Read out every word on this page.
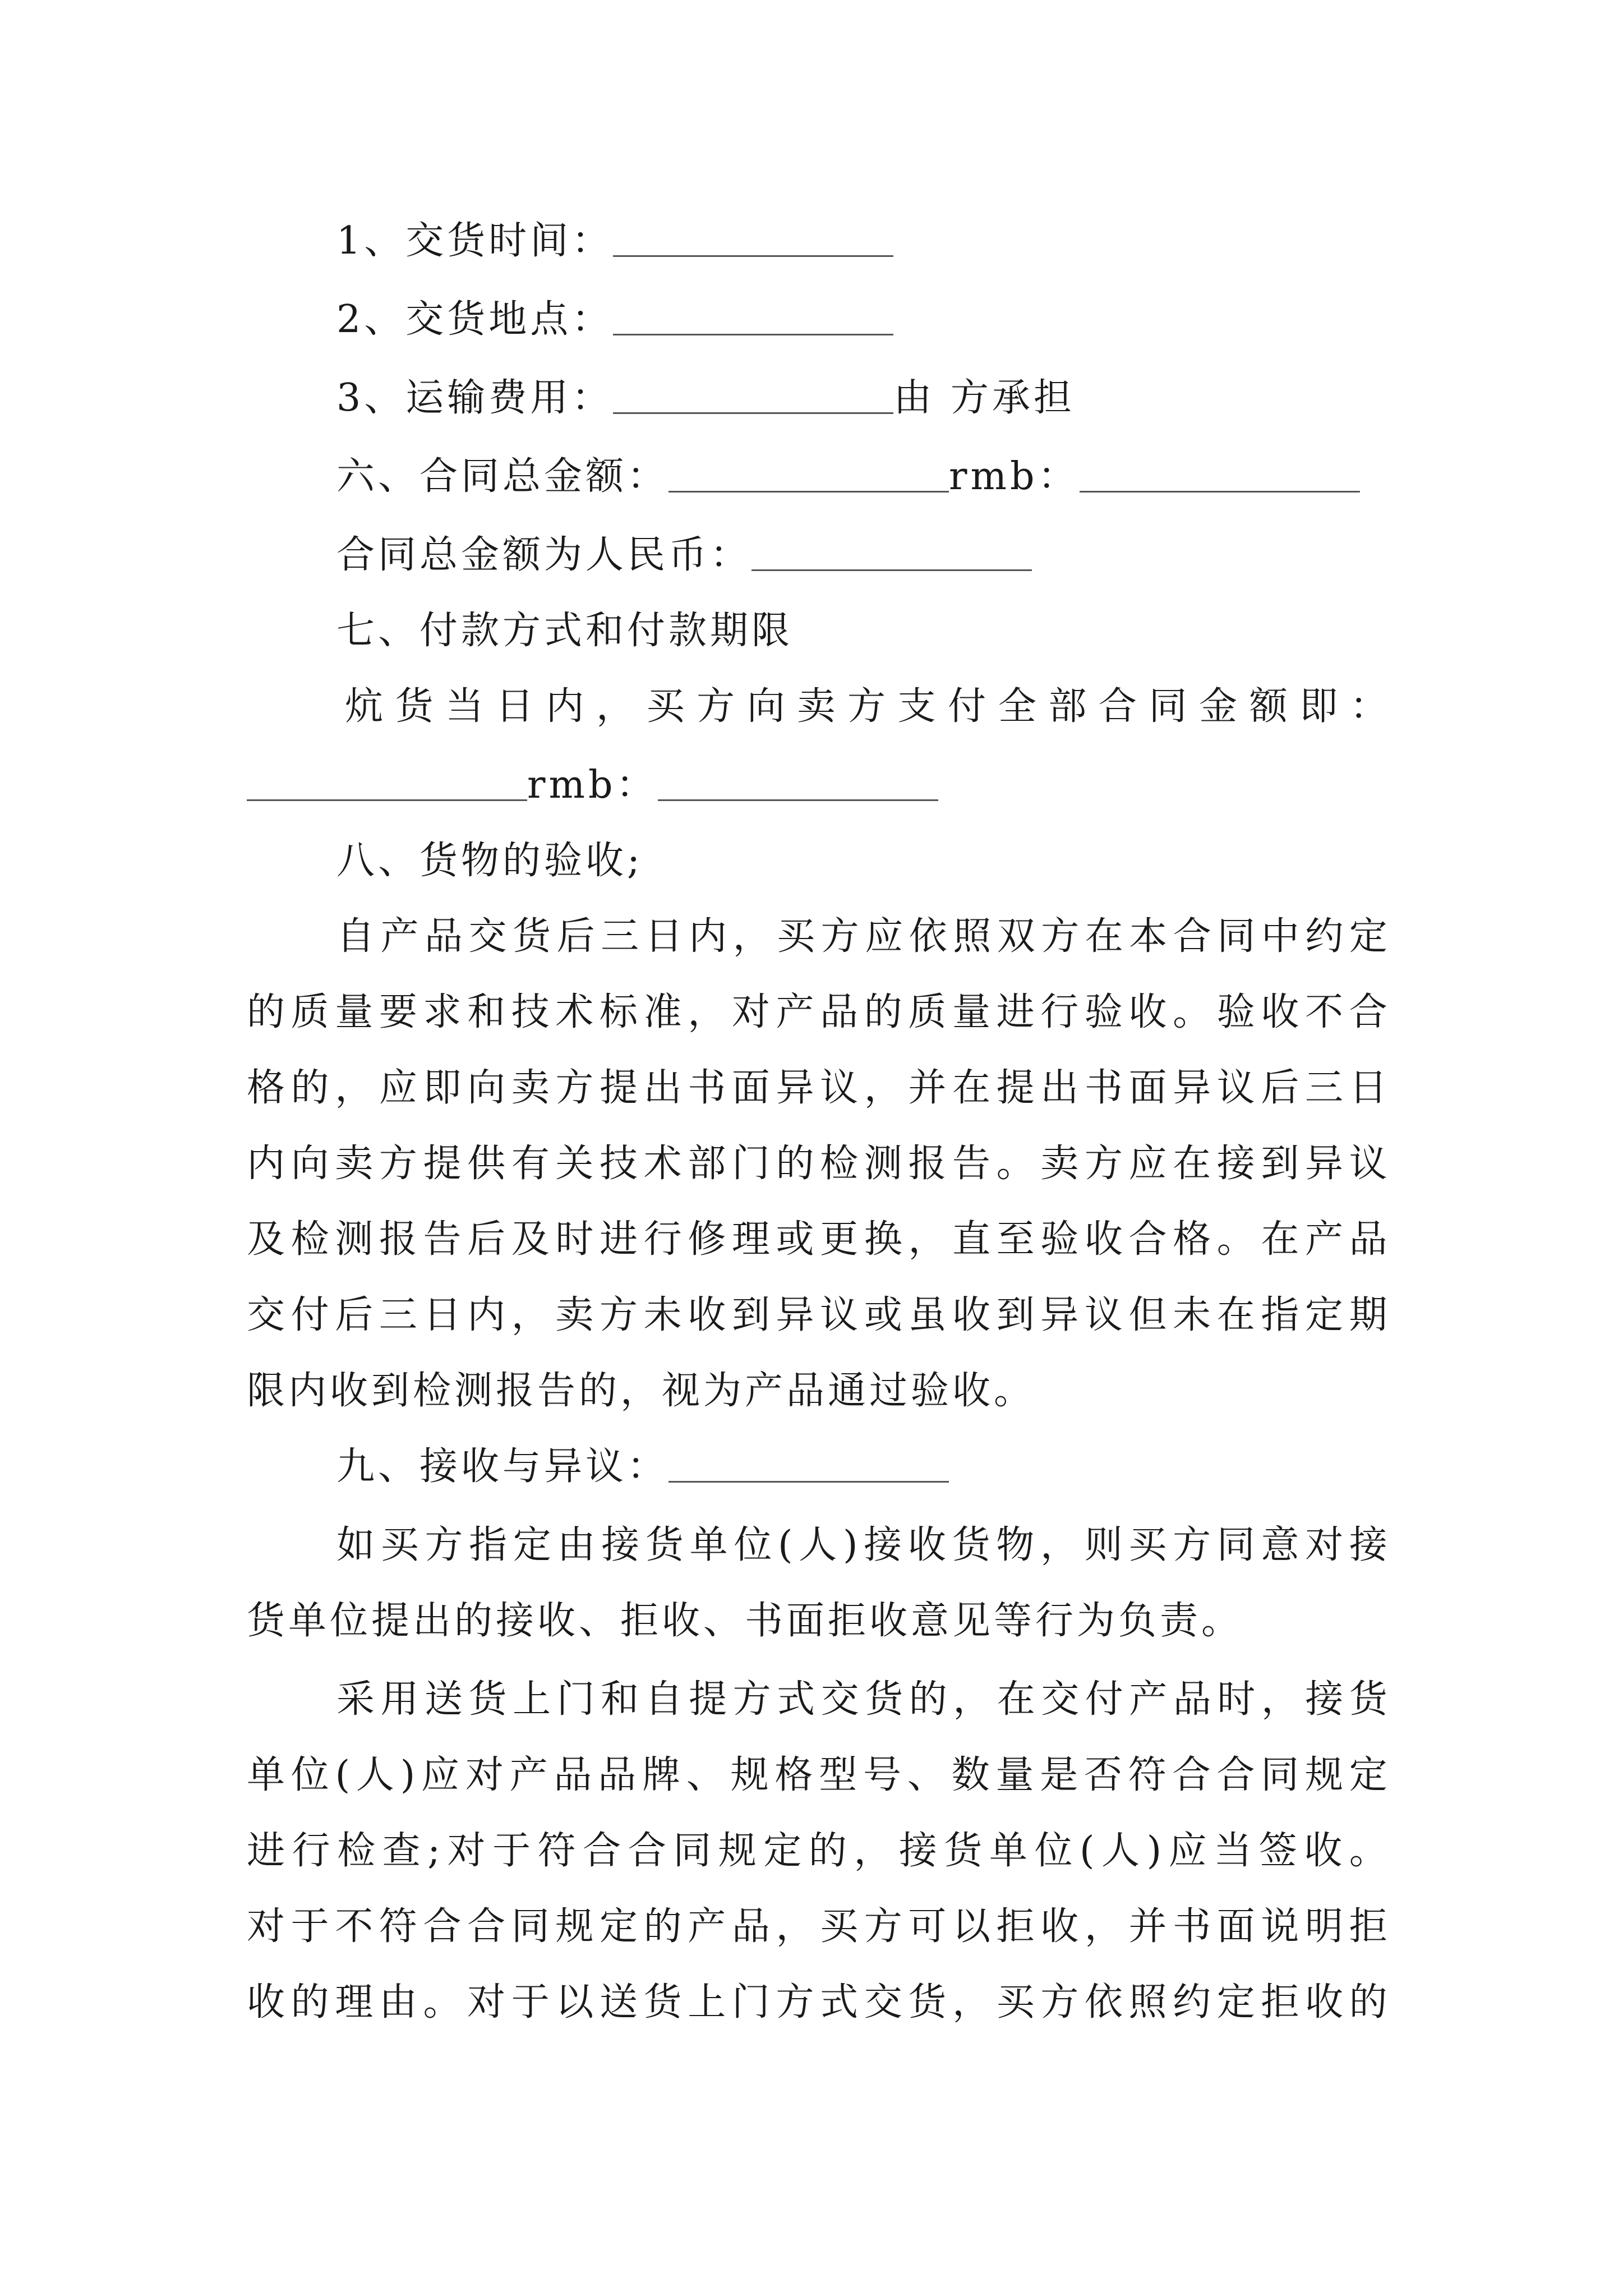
1、交货时间：
2、交货地点：
3、运输费用：	由 方承担
六、合同总金额：	rmb：
合同总金额为人民币：
七、付款方式和付款期限
炕 货 当 日 内 ， 买 方 向 卖 方 支 付 全 部 合 同 金 额 即 ：
rmb：
八、货物的验收;
自 产 品 交 货 后 三 日 内 ， 买 方 应 依 照 双 方 在 本 合 同 中 约 定
的 质 量 要 求 和 技 术 标 准 ， 对 产 品 的 质 量 进 行 验 收 。 验 收 不 合
格 的 ， 应 即 向 卖 方 提 出 书 面 异 议 ， 并 在 提 出 书 面 异 议 后 三 日
内 向 卖 方 提 供 有 关 技 术 部 门 的 检 测 报 告 。 卖 方 应 在 接 到 异 议
及 检 测 报 告 后 及 时 进 行 修 理 或 更 换 ， 直 至 验 收 合 格 。 在 产 品
交 付 后 三 日 内 ， 卖 方 未 收 到 异 议 或 虽 收 到 异 议 但 未 在 指 定 期
限内收到检测报告的，视为产品通过验收。
九、接收与异议：
如 买 方 指 定 由 接 货 单 位 ( 人 ) 接 收 货 物 ， 则 买 方 同 意 对 接
货单位提出的接收、拒收、书面拒收意见等行为负责。
采 用 送 货 上 门 和 自 提 方 式 交 货 的 ， 在 交 付 产 品 时 ， 接 货
单 位 ( 人 ) 应 对 产 品 品 牌 、 规 格 型 号 、 数 量 是 否 符 合 合 同 规 定
进 行 检 查 ; 对 于 符 合 合 同 规 定 的 ， 接 货 单 位 ( 人 ) 应 当 签 收 。
对 于 不 符 合 合 同 规 定 的 产 品 ， 买 方 可 以 拒 收 ， 并 书 面 说 明 拒
收 的 理 由 。 对 于 以 送 货 上 门 方 式 交 货 ， 买 方 依 照 约 定 拒 收 的
